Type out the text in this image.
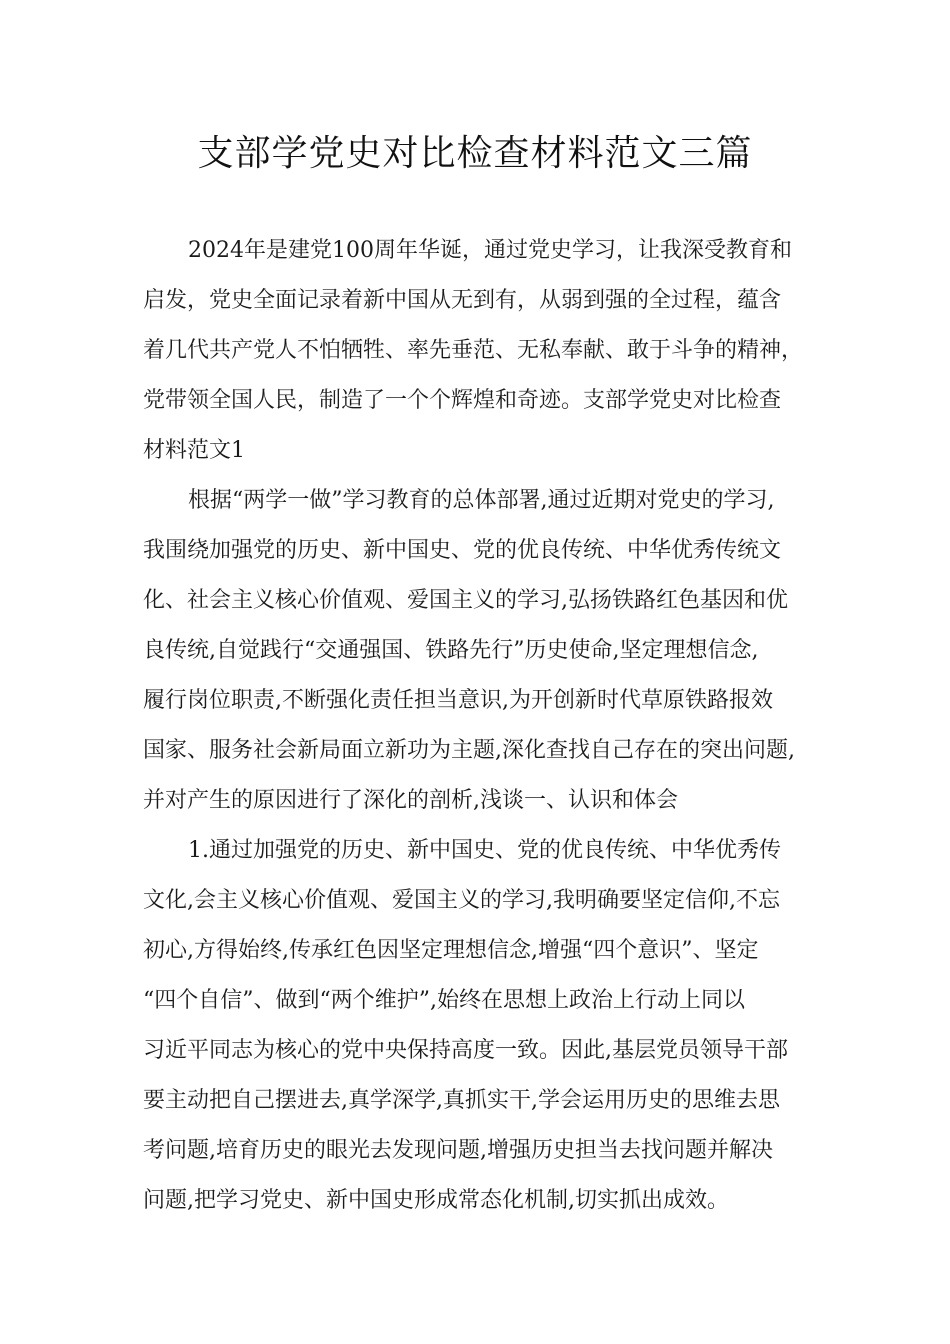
支部学党史对比检查材料范文三篇
2024年是建党100周年华诞，通过党史学习，让我深受教育和
启发，党史全面记录着新中国从无到有，从弱到强的全过程，蕴含
着几代共产党人不怕牺牲、率先垂范、无私奉献、敢于斗争的精神，
党带领全国人民，制造了一个个辉煌和奇迹。支部学党史对比检查
材料范文1
根据“两学一做”学习教育的总体部署,通过近期对党史的学习,
我围绕加强党的历史、新中国史、党的优良传统、中华优秀传统文
化、社会主义核心价值观、爱国主义的学习,弘扬铁路红色基因和优
良传统,自觉践行“交通强国、铁路先行”历史使命,坚定理想信念,
履行岗位职责,不断强化责任担当意识,为开创新时代草原铁路报效
国家、服务社会新局面立新功为主题,深化查找自己存在的突出问题,
并对产生的原因进行了深化的剖析,浅谈一、认识和体会
1.通过加强党的历史、新中国史、党的优良传统、中华优秀传
文化,会主义核心价值观、爱国主义的学习,我明确要坚定信仰,不忘
初心,方得始终,传承红色因坚定理想信念,增强“四个意识”、坚定
“四个自信”、做到“两个维护”,始终在思想上政治上行动上同以
习近平同志为核心的党中央保持高度一致。因此,基层党员领导干部
要主动把自己摆进去,真学深学,真抓实干,学会运用历史的思维去思
考问题,培育历史的眼光去发现问题,增强历史担当去找问题并解决
问题,把学习党史、新中国史形成常态化机制,切实抓出成效。
